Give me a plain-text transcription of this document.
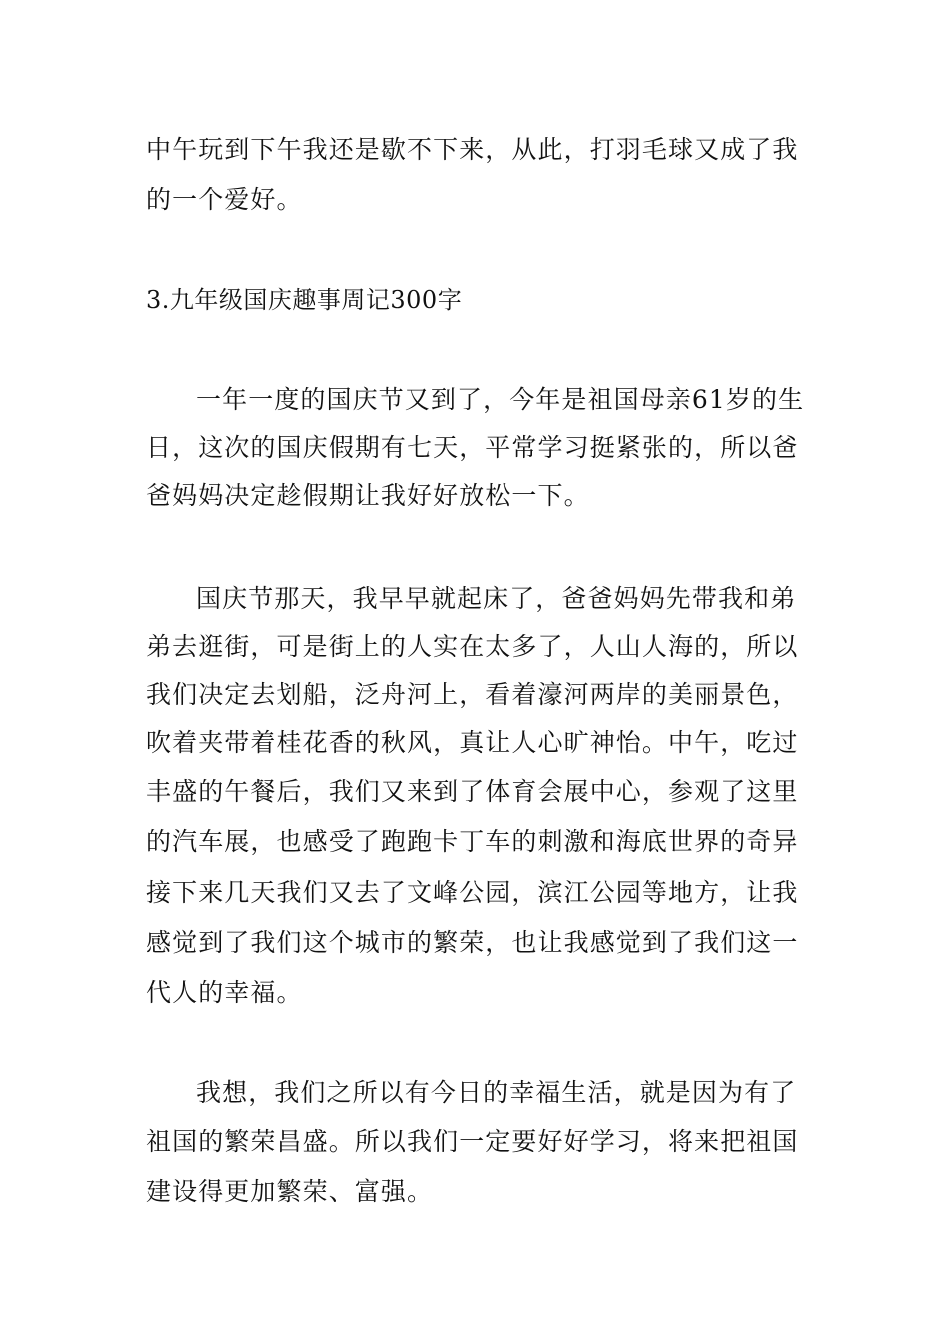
中午玩到下午我还是歇不下来，从此，打羽毛球又成了我
的一个爱好。
3.九年级国庆趣事周记300字
一年一度的国庆节又到了，今年是祖国母亲61岁的生
日，这次的国庆假期有七天，平常学习挺紧张的，所以爸
爸妈妈决定趁假期让我好好放松一下。
国庆节那天，我早早就起床了，爸爸妈妈先带我和弟
弟去逛街，可是街上的人实在太多了，人山人海的，所以
我们决定去划船，泛舟河上，看着濠河两岸的美丽景色，
吹着夹带着桂花香的秋风，真让人心旷神怡。中午，吃过
丰盛的午餐后，我们又来到了体育会展中心，参观了这里
的汽车展，也感受了跑跑卡丁车的刺激和海底世界的奇异
接下来几天我们又去了文峰公园，滨江公园等地方，让我
感觉到了我们这个城市的繁荣，也让我感觉到了我们这一
代人的幸福。
我想，我们之所以有今日的幸福生活，就是因为有了
祖国的繁荣昌盛。所以我们一定要好好学习，将来把祖国
建设得更加繁荣、富强。
